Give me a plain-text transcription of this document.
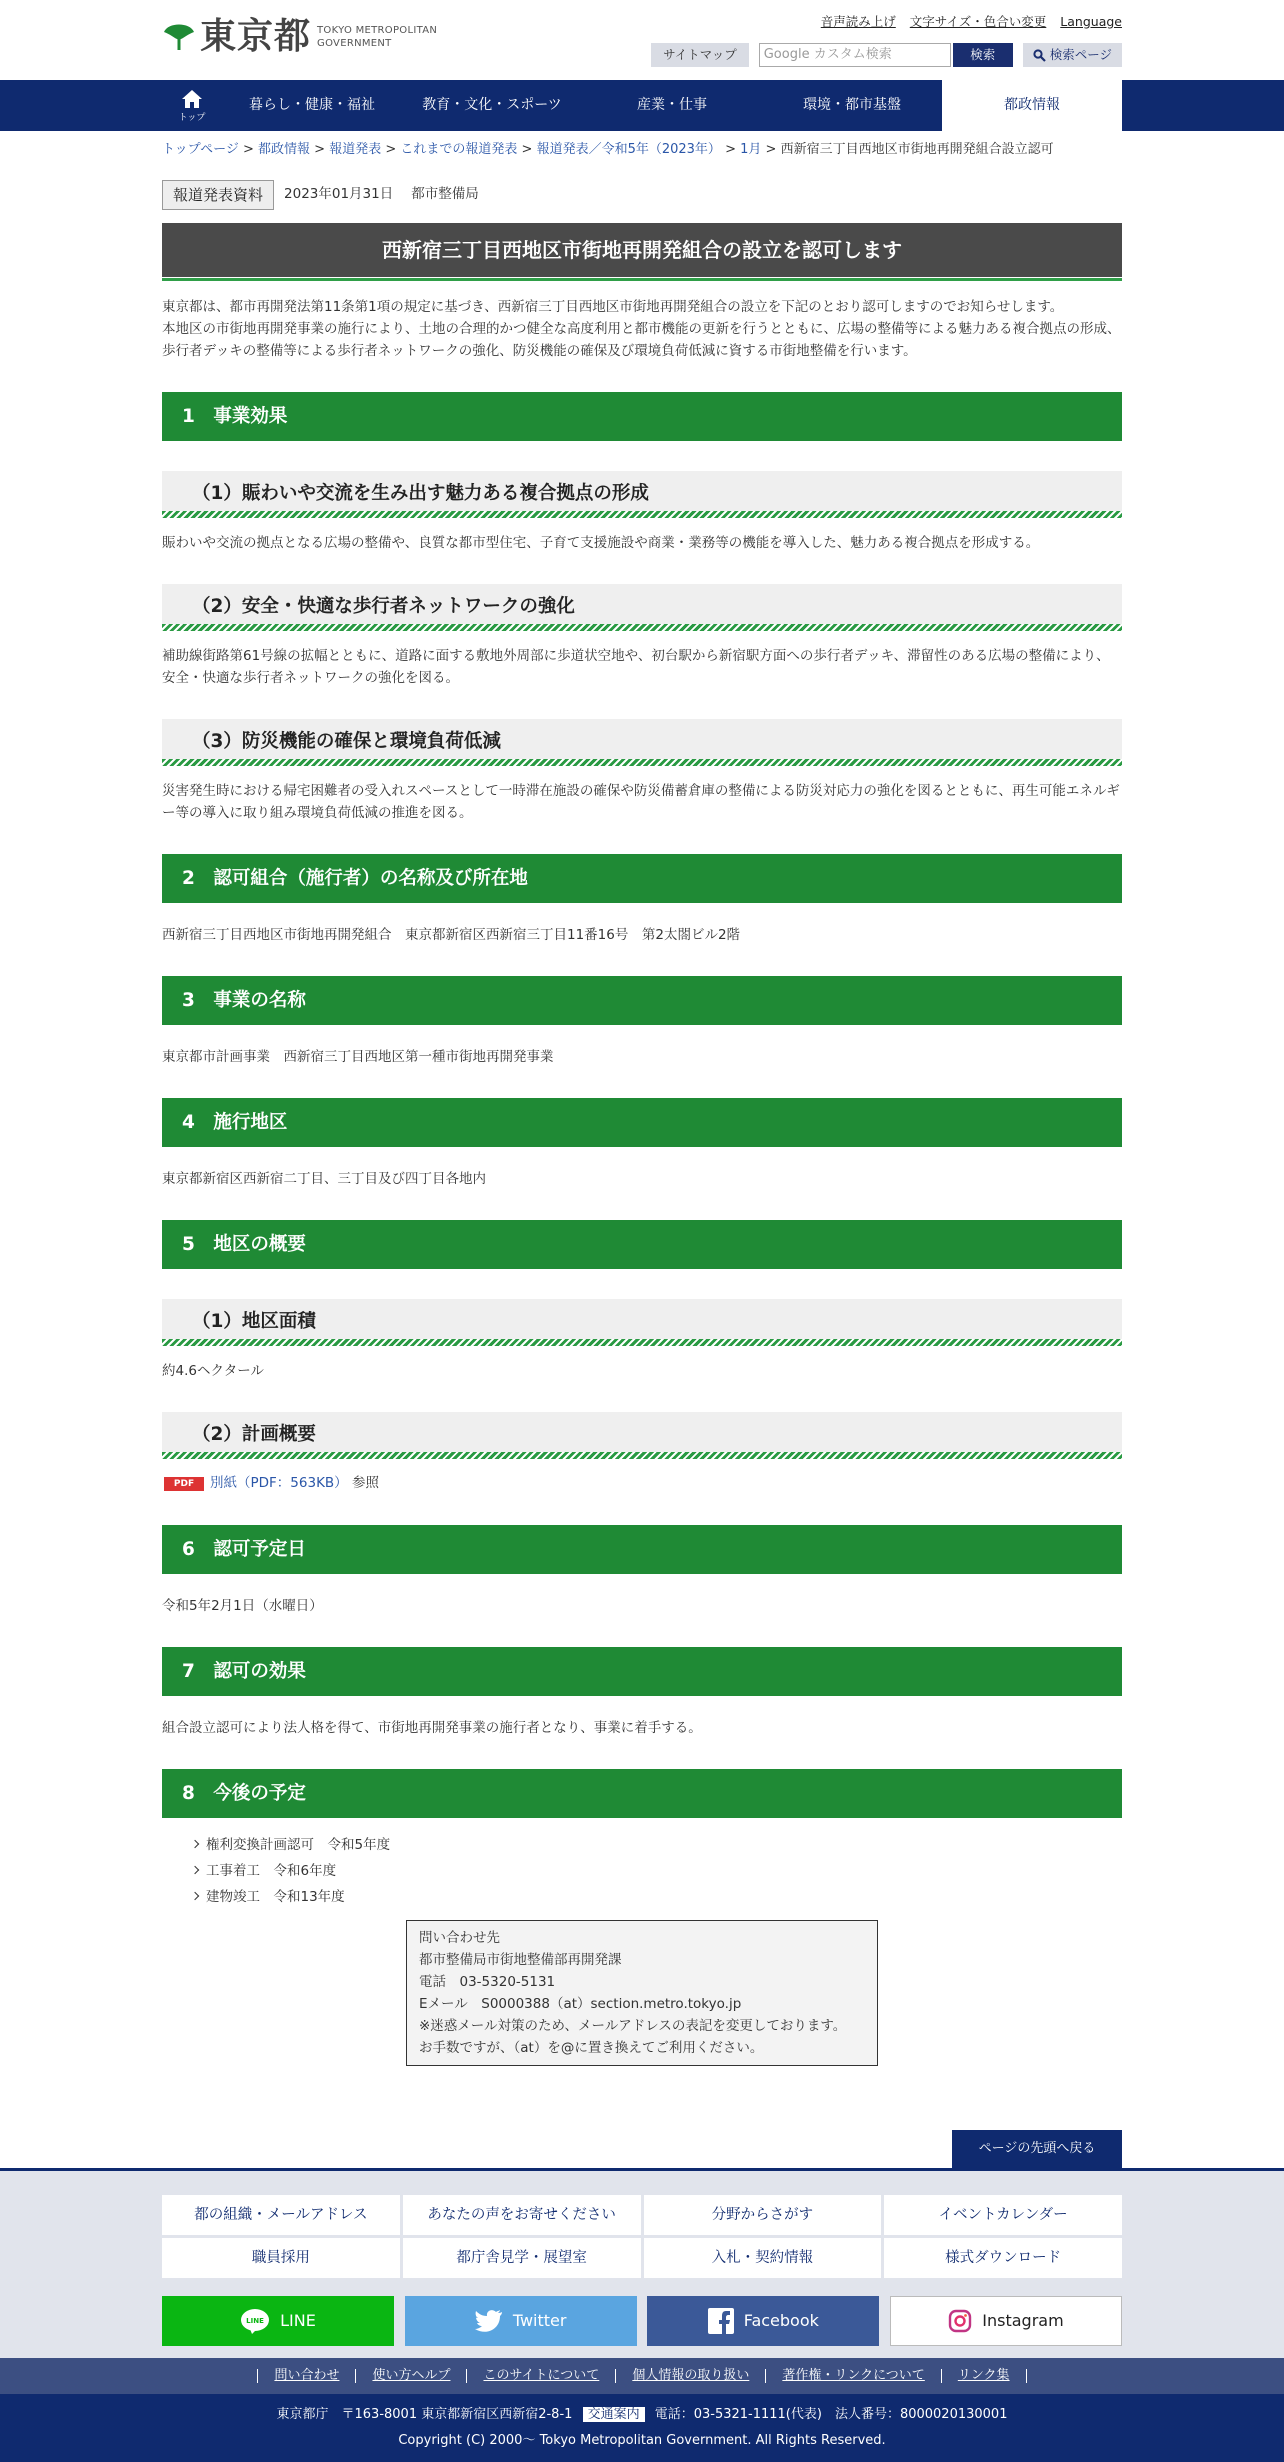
東京都 TOKYO METROPOLITAN
GOVERNMENT
音声読み上げ 文字サイズ・色合い変更 Language
サイトマップ	Google カスタム検索	検索	検索ページ
トップ
暮らし・健康・福祉	教育・文化・スポーツ	産業・仕事	環境・都市基盤	都政情報
トップページ > 都政情報 > 報道発表 > これまでの報道発表 > 報道発表／令和5年（2023年） > 1月 > 西新宿三丁目西地区市街地再開発組合設立認可
報道発表資料	2023年01月31日 都市整備局
西新宿三丁目西地区市街地再開発組合の設立を認可します

東京都は、都市再開発法第11条第1項の規定に基づき、西新宿三丁目西地区市街地再開発組合の設立を下記のとおり認可しますのでお知らせします。

本地区の市街地再開発事業の施行により、土地の合理的かつ健全な高度利用と都市機能の更新を行うとともに、広場の整備等による魅力ある複合拠点の形成、歩行者デッキの整備等による歩行者ネットワークの強化、防災機能の確保及び環境負荷低減に資する市街地整備を行います。

1　事業効果
（1）賑わいや交流を生み出す魅力ある複合拠点の形成

賑わいや交流の拠点となる広場の整備や、良質な都市型住宅、子育て支援施設や商業・業務等の機能を導入した、魅力ある複合拠点を形成する。

（2）安全・快適な歩行者ネットワークの強化

補助線街路第61号線の拡幅とともに、道路に面する敷地外周部に歩道状空地や、初台駅から新宿駅方面への歩行者デッキ、滞留性のある広場の整備により、安全・快適な歩行者ネットワークの強化を図る。

（3）防災機能の確保と環境負荷低減

災害発生時における帰宅困難者の受入れスペースとして一時滞在施設の確保や防災備蓄倉庫の整備による防災対応力の強化を図るとともに、再生可能エネルギー等の導入に取り組み環境負荷低減の推進を図る。

2　認可組合（施行者）の名称及び所在地

西新宿三丁目西地区市街地再開発組合　東京都新宿区西新宿三丁目11番16号　第2太閤ビル2階

3　事業の名称

東京都市計画事業　西新宿三丁目西地区第一種市街地再開発事業

4　施行地区

東京都新宿区西新宿二丁目、三丁目及び四丁目各地内

5　地区の概要
（1）地区面積

約4.6ヘクタール

（2）計画概要
PDF	別紙（PDF：563KB）
参照
6　認可予定日

令和5年2月1日（水曜日）

7　認可の効果

組合設立認可により法人格を得て、市街地再開発事業の施行者となり、事業に着手する。

8　今後の予定
権利変換計画認可　令和5年度
工事着工　令和6年度
建物竣工　令和13年度
問い合わせ先
都市整備局市街地整備部再開発課
電話　03-5320-5131
Eメール　S0000388（at）section.metro.tokyo.jp
※迷惑メール対策のため、メールアドレスの表記を変更しております。
お手数ですが、（at）を@に置き換えてご利用ください。
ページの先頭へ戻る
都の組織・メールアドレス	あなたの声をお寄せください	分野からさがす	イベントカレンダー
職員採用	都庁舎見学・展望室	入札・契約情報	様式ダウンロード
LINE LINE	Twitter	Facebook	Instagram
問い合わせ	使い方ヘルプ	このサイトについて	個人情報の取り扱い	著作権・リンクについて	リンク集
東京都庁　〒163-8001 東京都新宿区西新宿2-8-1 交通案内 電話：03-5321-1111(代表)　法人番号：8000020130001
Copyright (C) 2000～ Tokyo Metropolitan Government. All Rights Reserved.
